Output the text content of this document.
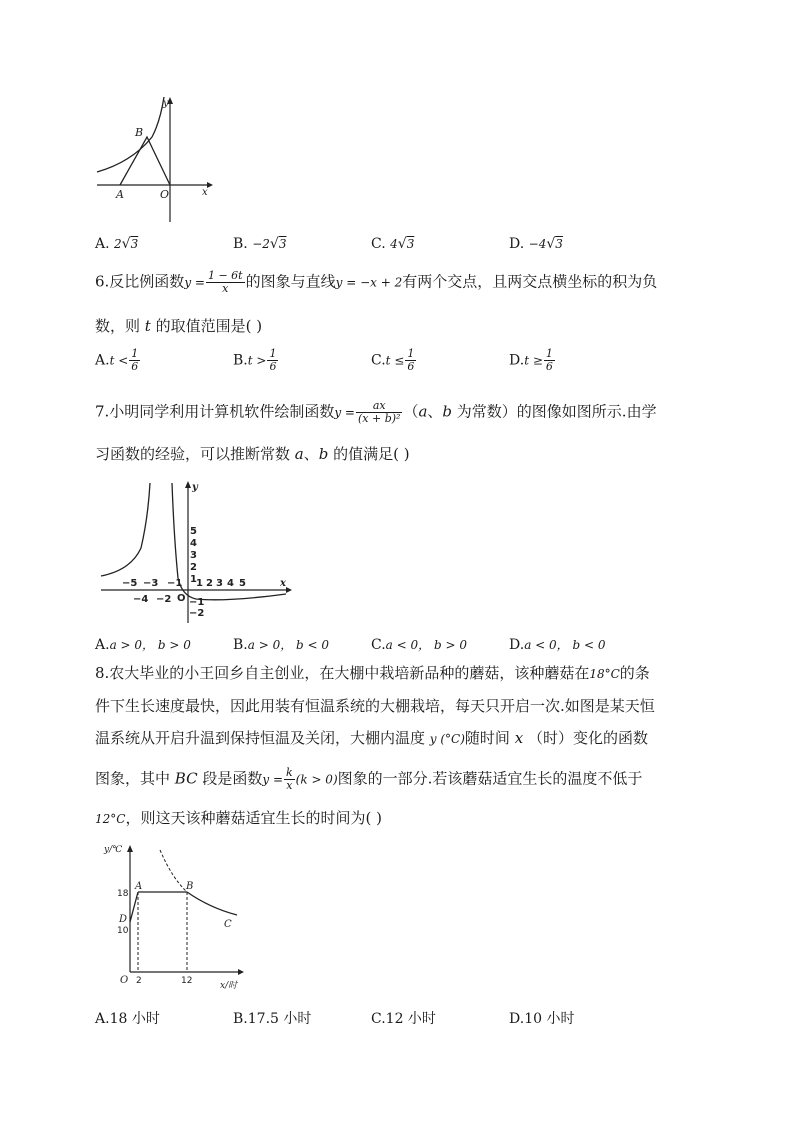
y
x
A
B
O
A. 2√3	B. −2√3	C. 4√3	D. −4√3
6.反比例函数$y = \frac{1 - 6t}{x}$ 的图象与直线y = −x + 2有两个交点，且两交点横坐标的积为负
数，则 t 的取值范围是( )
$A.t < \frac{1}{6}$	$B.t > \frac{1}{6}$	$C.t \le \frac{1}{6}$	$D.t \ge \frac{1}{6}$
7.小明同学利用计算机软件绘制函数$y = \frac{ax}{\text{(x + b)²}} (a$、b 为常数）的图像如图所示.由学
习函数的经验，可以推断常数 a、b 的值满足( )
y
x
O
5
4
3
2
1
−1
−2
−5 −3 −1 1 2 3 4 5
−4 −2
A.a > 0， b > 0	B.a > 0， b < 0	C.a < 0， b > 0	D.a < 0， b < 0
8.农大毕业的小王回乡自主创业，在大棚中栽培新品种的蘑菇，该种蘑菇在18°C的条
件下生长速度最快，因此用装有恒温系统的大棚栽培，每天只开启一次.如图是某天恒
温系统从开启升温到保持恒温及关闭，大棚内温度 y (°C)随时间 x （时）变化的函数
图象，其中 BC 段是函数$y = \frac{k}{x} (k > 0)$图象的一部分.若该蘑菇适宜生长的温度不低于
12°C，则这天该种蘑菇适宜生长的时间为( )
y/℃
x/时
O
A	B
C
D
18
10
2	12
A.18 小时	B.17.5 小时	C.12 小时	D.10 小时
